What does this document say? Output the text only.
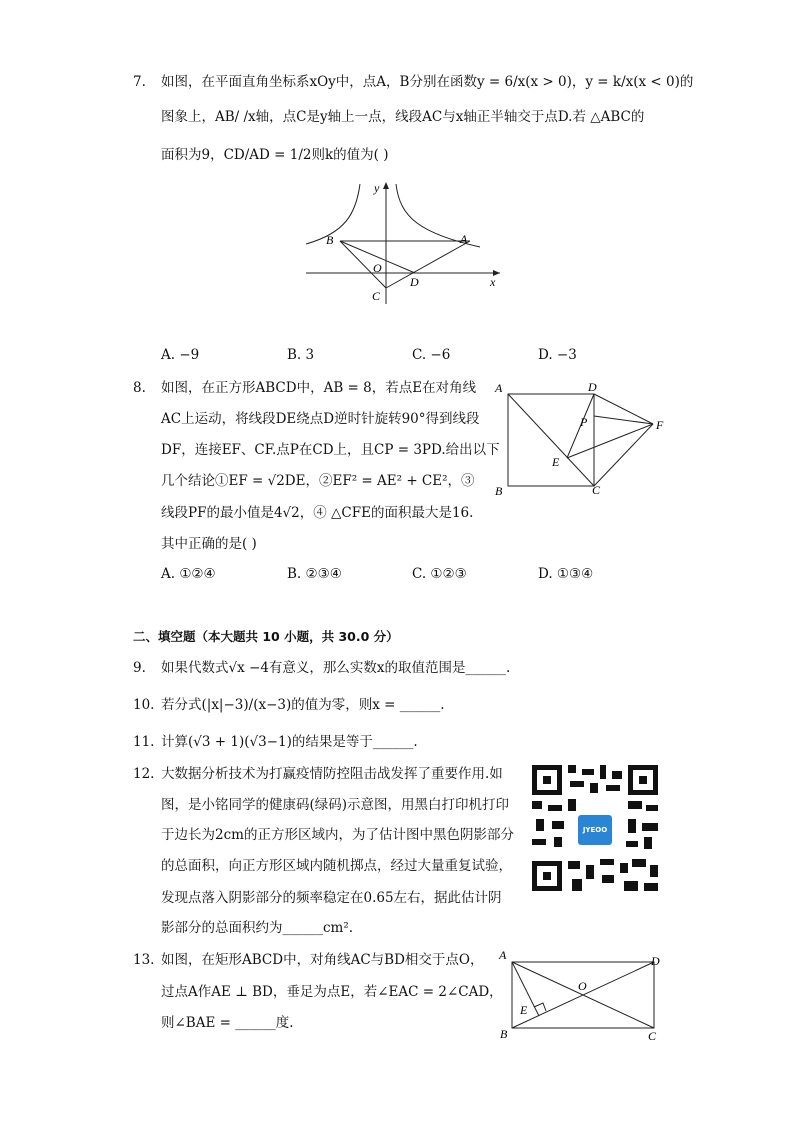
7. 如图，在平面直角坐标系xOy中，点A，B分别在函数y = 6/x(x > 0)，y = k/x(x < 0)的
图象上，AB/ /x轴，点C是y轴上一点，线段AC与x轴正半轴交于点D.若 △ABC的
面积为9，CD/AD = 1/2则k的值为( )
y
x
B	A
O
C
D
A. −9	B. 3	C. −6	D. −3
8. 如图，在正方形ABCD中，AB = 8，若点E在对角线
AC上运动，将线段DE绕点D逆时针旋转90°得到线段
DF，连接EF、CF.点P在CD上，且CP = 3PD.给出以下
几个结论①EF = √2DE，②EF² = AE² + CE²，③
线段PF的最小值是4√2，④ △CFE的面积最大是16.
其中正确的是( )
A	D
F
P
E
B	C
A. ①②④	B. ②③④	C. ①②③	D. ①③④
二、填空题（本大题共 10 小题，共 30.0 分）
9. 如果代数式√x −4有意义，那么实数x的取值范围是______.
10. 若分式(|x|−3)/(x−3)的值为零，则x = ______.
11. 计算(√3 + 1)(√3−1)的结果是等于______.
12. 大数据分析技术为打赢疫情防控阻击战发挥了重要作用.如
图，是小铭同学的健康码(绿码)示意图，用黑白打印机打印
于边长为2cm的正方形区域内，为了估计图中黑色阴影部分
的总面积，向正方形区域内随机掷点，经过大量重复试验，
发现点落入阴影部分的频率稳定在0.65左右，据此估计阴
影部分的总面积约为______cm².
JYEOO
13. 如图，在矩形ABCD中，对角线AC与BD相交于点O，
过点A作AE ⊥ BD，垂足为点E，若∠EAC = 2∠CAD，
则∠BAE = ______度.
A	D
O
E
B	C
